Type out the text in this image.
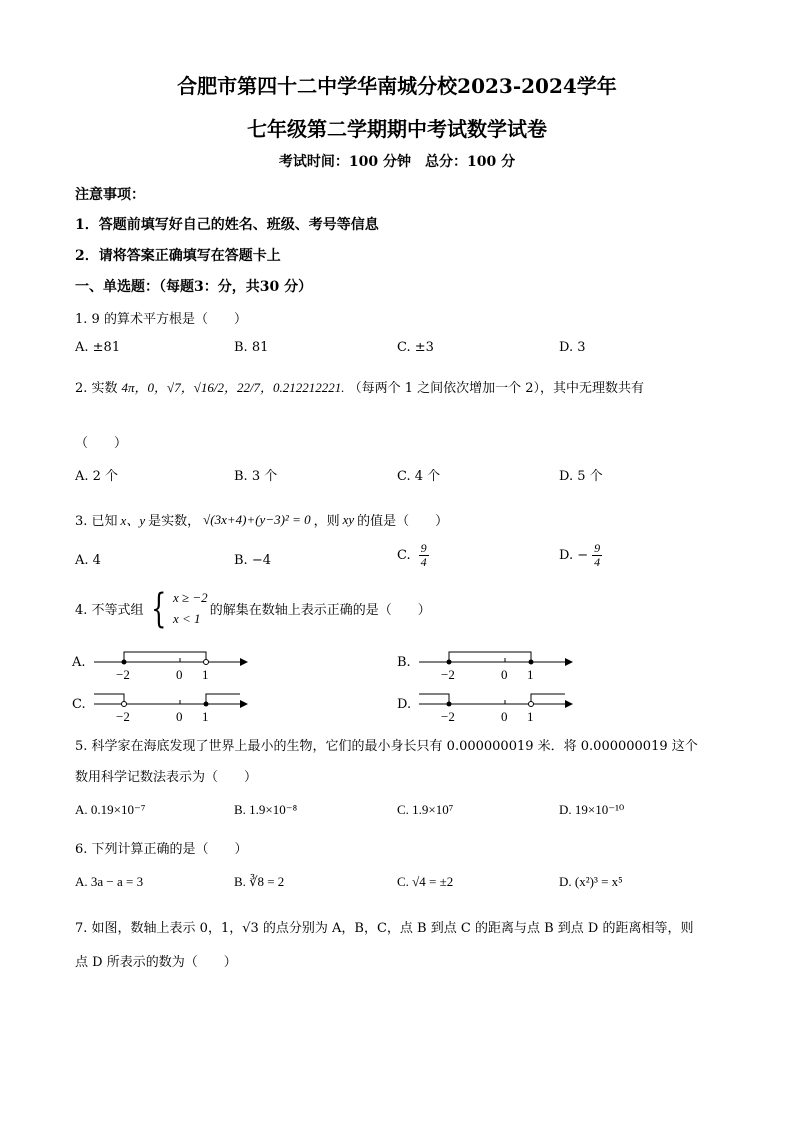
合肥市第四十二中学华南城分校2023-2024学年
七年级第二学期期中考试数学试卷
考试时间：100 分钟　总分：100 分
注意事项：
1．答题前填写好自己的姓名、班级、考号等信息
2．请将答案正确填写在答题卡上
一、单选题：（每题3：分，共30 分）
1. 9 的算术平方根是（　　）
A. ±81	B. 81	C. ±3	D. 3
2. 实数 4π，0，√7，√16/2，22/7，0.212212221. （每两个 1 之间依次增加一个 2），其中无理数共有
（　　）
A. 2 个	B. 3 个	C. 4 个	D. 5 个
3. 已知 x、y 是实数， √(3x+4)+(y−3)² = 0 ，则 xy 的值是（　　）
A. 4	B. −4	C. $\frac{9}{4}$	D. − $\frac{9}{4}$
4. 不等式组 { x ≥ −2
x < 1 的解集在数轴上表示正确的是（　　）
A.	B.
C.	D.
−2	0 1	−2	0 1
−2	0 1	−2	0 1
5. 科学家在海底发现了世界上最小的生物，它们的最小身长只有 0.000000019 米．将 0.000000019 这个
数用科学记数法表示为（　　）
A. 0.19×10⁻⁷	B. 1.9×10⁻⁸	C. 1.9×10⁷	D. 19×10⁻¹⁰
6. 下列计算正确的是（　　）
A. 3a − a = 3	B. ∛8 = 2	C. √4 = ±2	D. (x²)³ = x⁵
7. 如图，数轴上表示 0，1，√3 的点分别为 A，B，C，点 B 到点 C 的距离与点 B 到点 D 的距离相等，则
点 D 所表示的数为（　　）
